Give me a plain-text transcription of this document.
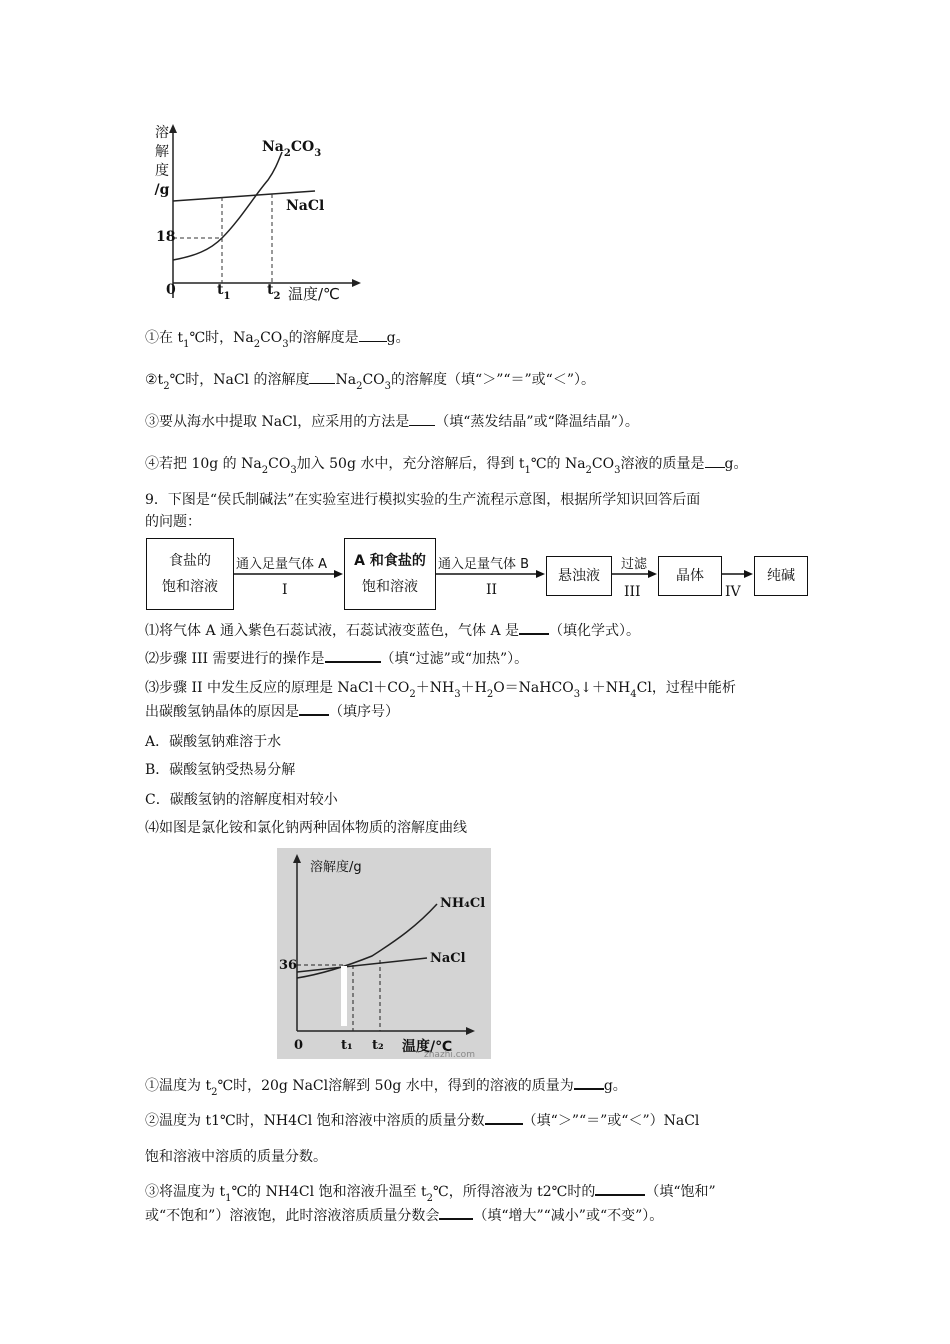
溶
解
度
/g
18
0	$t_1$	$t_2$ 温度/℃
$Na_2CO_3$
NaCl
①在 $t_1℃$时，$Na_2CO_3$的溶解度是 g。
$②t_2℃$时，NaCl 的溶解度 $Na_2CO_3$的溶解度（填“＞”“＝”或“＜”）。
③要从海水中提取 NaCl，应采用的方法是 （填“蒸发结晶”或“降温结晶”）。
④若把 10g 的 $Na_2CO_3$加入 50g 水中，充分溶解后，得到 $t_1℃$的 $Na_2CO_3$溶液的质量是 g。
9．下图是“侯氏制碱法”在实验室进行模拟实验的生产流程示意图，根据所学知识回答后面
的问题：
食盐的
饱和溶液
A 和食盐的
饱和溶液
悬浊液	晶体	纯碱
通入足量气体 A
I
通入足量气体 B
II
过滤
III	IV
⑴将气体 A 通入紫色石蕊试液，石蕊试液变蓝色，气体 A 是 （填化学式）。
⑵步骤 III 需要进行的操作是	（填“过滤”或“加热”）。
⑶步骤 II 中发生反应的原理是 $NaCl+CO_2+NH_3+H_2O=NaHCO_3↓+NH_4Cl$，过程中能析
出碳酸氢钠晶体的原因是 （填序号）
A．碳酸氢钠难溶于水
B．碳酸氢钠受热易分解
C．碳酸氢钠的溶解度相对较小
⑷如图是氯化铵和氯化钠两种固体物质的溶解度曲线
溶解度/g
36
0	t₁ t₂ 温度/℃
zhazhi.com
NH₄Cl
NaCl
①温度为 $t_2℃$时，20g NaCl溶解到 50g 水中，得到的溶液的质量为 g。
②温度为 t1℃时，NH4Cl 饱和溶液中溶质的质量分数	（填“＞”“＝”或“＜”）NaCl
饱和溶液中溶质的质量分数。
③将温度为 $t_1℃$的 NH4Cl 饱和溶液升温至 $t_2℃$，所得溶液为 t2℃时的	（填“饱和”
或“不饱和”）溶液饱，此时溶液溶质质量分数会 （填“增大”“减小”或“不变”）。
